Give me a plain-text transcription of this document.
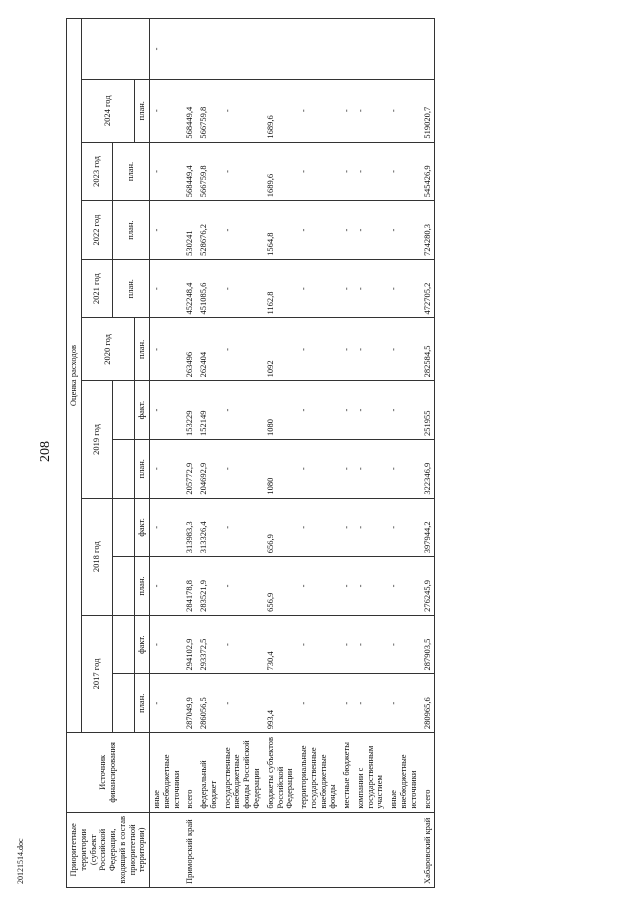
208
20121514.doc	Приоритетные территории (субъект Российской Федерации, входящий в состав приоритетной территории)	Источник финансирования	Оценка расходов											
		2017 год		2018 год		2019 год		2020 год	2021 год	2022 год	2023 год	2024 год	
									план.	план.	план.		
		план.	факт.	план.	факт.	план.	факт.	план.				план.	
	иные внебюджетные источники	-	-	-	-	-	-	-	-	-	-	-	-
Приморский край	всего	287049,9	294102,9	284178,8	313983,3	205772,9	153229	263496	452248,4	530241	568449,4	568449,4	
	федеральный бюджет	286056,5	293372,5	283521,9	313326,4	204692,9	152149	262404	451085,6	528676,2	566759,8	566759,8	
	государственные внебюджетные фонды Российской Федерации	-	-	-	-	-	-	-	-	-	-	-	
	бюджеты субъектов Российской Федерации	993,4	730,4	656,9	656,9	1080	1080	1092	1162,8	1564,8	1689,6	1689,6	
	территориальные государственные внебюджетные фонды	-	-	-	-	-	-	-	-	-	-	-	
	местные бюджеты	-	-	-	-	-	-	-	-	-	-	-	
	компании с государственным участием	-	-	-	-	-	-	-	-	-	-	-	
	иные внебюджетные источники	-	-	-	-	-	-	-	-	-	-	-	
Хабаровский край	всего	280965,6	287903,5	276245,9	397944,2	322346,9	251955	282584,5	472705,2	724280,3	545426,9	519020,7	
